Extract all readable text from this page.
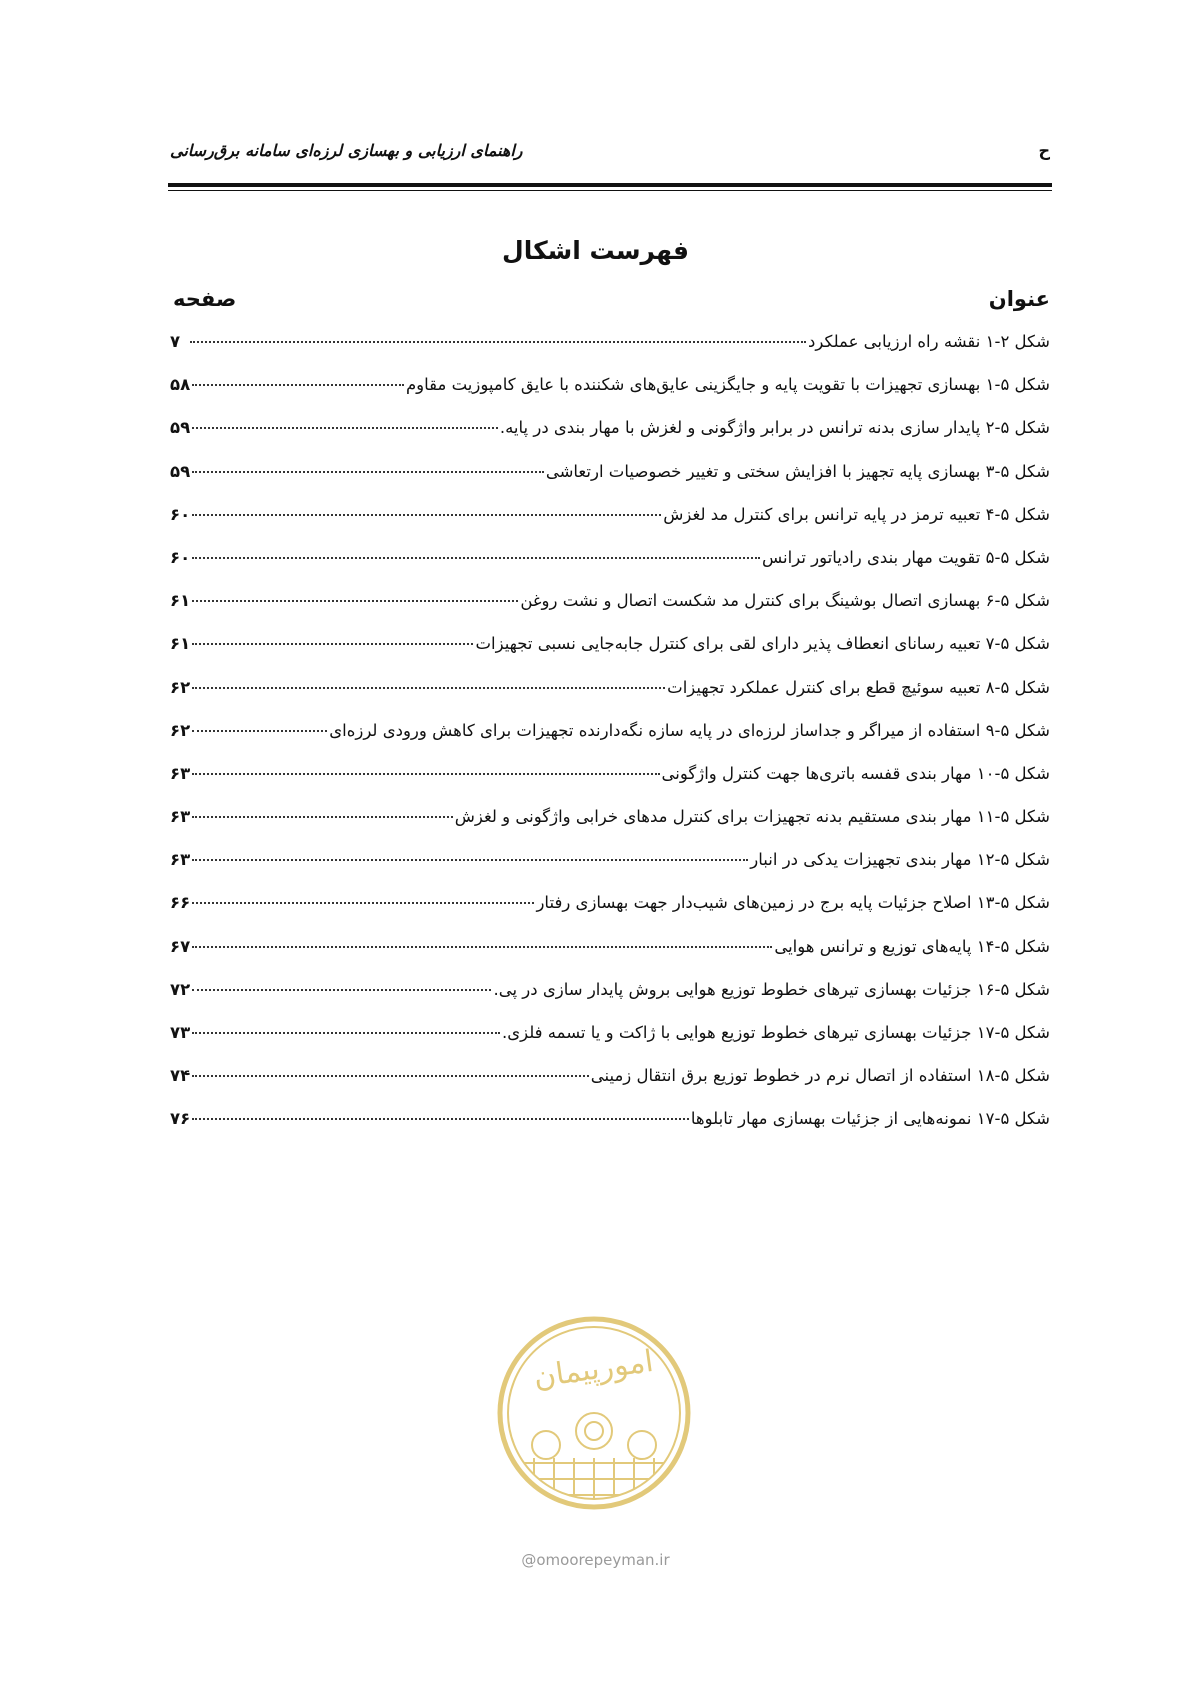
ح
راهنمای ارزیابی و بهسازی لرزه‌ای سامانه برق‌رسانی
فهرست اشکال
عنوان
صفحه
شکل ۲-۱ نقشه راه ارزیابی عملکرد
۷
شکل ۵-۱ بهسازی تجهیزات با تقویت پایه و جایگزینی عایق‌های شکننده با عایق کامپوزیت مقاوم
۵۸
شکل ۵-۲ پایدار سازی بدنه ترانس در برابر واژگونی و لغزش با مهار بندی در پایه.
۵۹
شکل ۵-۳ بهسازی پایه تجهیز با افزایش سختی و تغییر خصوصیات ارتعاشی
۵۹
شکل ۵-۴ تعبیه ترمز در پایه ترانس برای کنترل مد لغزش
۶۰
شکل ۵-۵ تقویت مهار بندی رادیاتور ترانس
۶۰
شکل ۵-۶ بهسازی اتصال بوشینگ برای کنترل مد شکست اتصال و نشت روغن
۶۱
شکل ۵-۷ تعبیه رسانای انعطاف پذیر دارای لقی برای کنترل جابه‌جایی نسبی تجهیزات
۶۱
شکل ۵-۸ تعبیه سوئیچ قطع برای کنترل عملکرد تجهیزات
۶۲
شکل ۵-۹ استفاده از میراگر و جداساز لرزه‌ای در پایه سازه نگه‌دارنده تجهیزات برای کاهش ورودی لرزه‌ای
۶۲
شکل ۵-۱۰ مهار بندی قفسه باتری‌ها جهت کنترل واژگونی
۶۳
شکل ۵-۱۱ مهار بندی مستقیم بدنه تجهیزات برای کنترل مدهای خرابی واژگونی و لغزش
۶۳
شکل ۵-۱۲ مهار بندی تجهیزات یدکی در انبار
۶۳
شکل ۵-۱۳ اصلاح جزئیات پایه برج در زمین‌های شیب‌دار جهت بهسازی رفتار
۶۶
شکل ۵-۱۴ پایه‌های توزیع و ترانس هوایی
۶۷
شکل ۵-۱۶ جزئیات بهسازی تیرهای خطوط توزیع هوایی بروش پایدار سازی در پی.
۷۲
شکل ۵-۱۷ جزئیات بهسازی تیرهای خطوط توزیع هوایی با ژاکت و یا تسمه فلزی.
۷۳
شکل ۵-۱۸ استفاده از اتصال نرم در خطوط توزیع برق انتقال زمینی
۷۴
شکل ۵-۱۷ نمونه‌هایی از جزئیات بهسازی مهار تابلوها
۷۶
امورپیمان
@omoorepeyman.ir
